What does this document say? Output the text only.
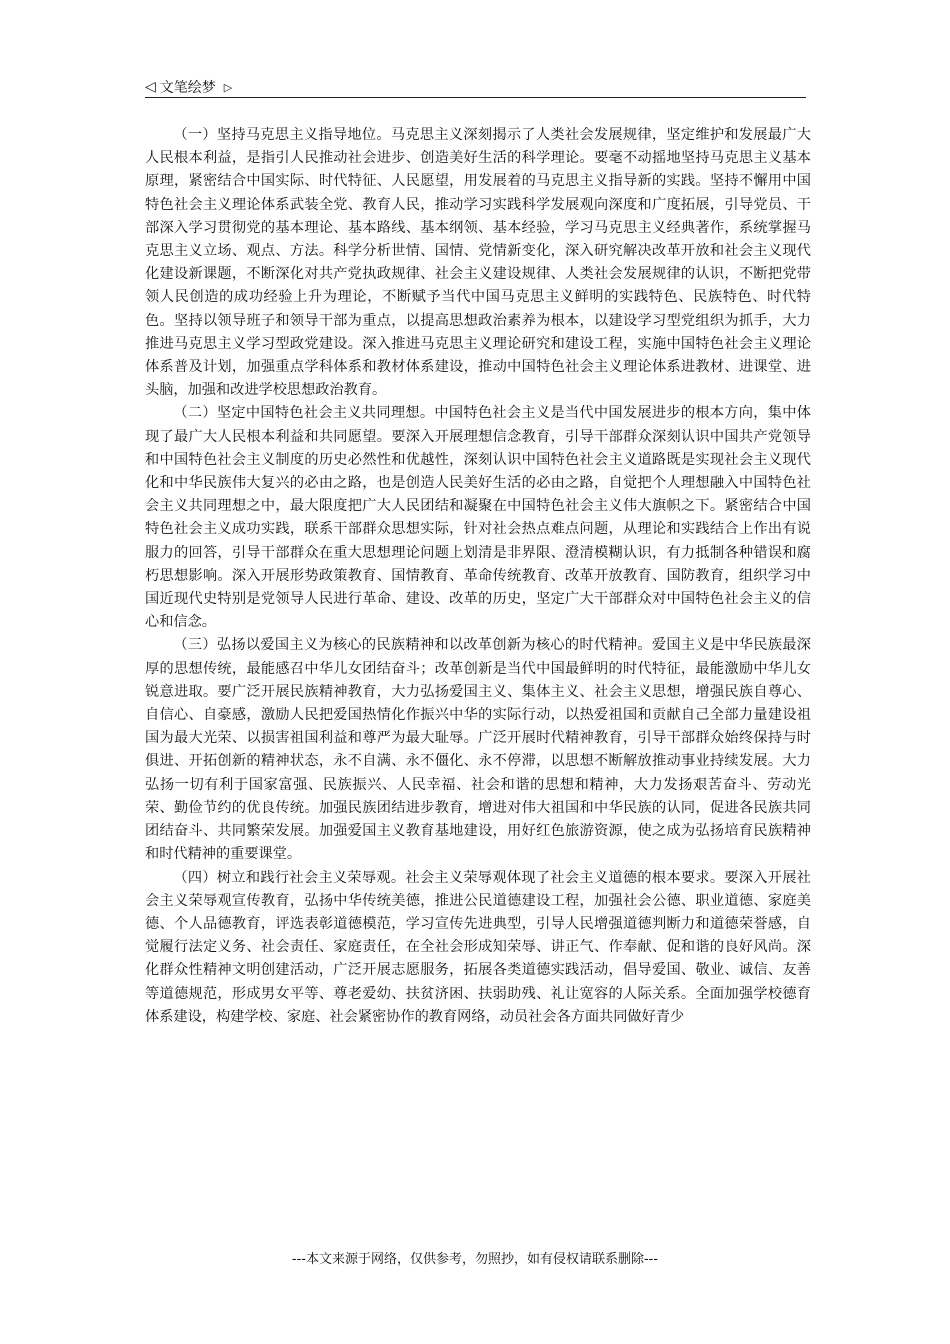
◁ 文笔绘梦 ▷

（一）坚持马克思主义指导地位。马克思主义深刻揭示了人类社会发展规律，坚定维护和发展最广大人民根本利益，是指引人民推动社会进步、创造美好生活的科学理论。要毫不动摇地坚持马克思主义基本原理，紧密结合中国实际、时代特征、人民愿望，用发展着的马克思主义指导新的实践。坚持不懈用中国特色社会主义理论体系武装全党、教育人民，推动学习实践科学发展观向深度和广度拓展，引导党员、干部深入学习贯彻党的基本理论、基本路线、基本纲领、基本经验，学习马克思主义经典著作，系统掌握马克思主义立场、观点、方法。科学分析世情、国情、党情新变化，深入研究解决改革开放和社会主义现代化建设新课题，不断深化对共产党执政规律、社会主义建设规律、人类社会发展规律的认识，不断把党带领人民创造的成功经验上升为理论，不断赋予当代中国马克思主义鲜明的实践特色、民族特色、时代特色。坚持以领导班子和领导干部为重点，以提高思想政治素养为根本，以建设学习型党组织为抓手，大力推进马克思主义学习型政党建设。深入推进马克思主义理论研究和建设工程，实施中国特色社会主义理论体系普及计划，加强重点学科体系和教材体系建设，推动中国特色社会主义理论体系进教材、进课堂、进头脑，加强和改进学校思想政治教育。

（二）坚定中国特色社会主义共同理想。中国特色社会主义是当代中国发展进步的根本方向，集中体现了最广大人民根本利益和共同愿望。要深入开展理想信念教育，引导干部群众深刻认识中国共产党领导和中国特色社会主义制度的历史必然性和优越性，深刻认识中国特色社会主义道路既是实现社会主义现代化和中华民族伟大复兴的必由之路，也是创造人民美好生活的必由之路，自觉把个人理想融入中国特色社会主义共同理想之中，最大限度把广大人民团结和凝聚在中国特色社会主义伟大旗帜之下。紧密结合中国特色社会主义成功实践，联系干部群众思想实际，针对社会热点难点问题，从理论和实践结合上作出有说服力的回答，引导干部群众在重大思想理论问题上划清是非界限、澄清模糊认识，有力抵制各种错误和腐朽思想影响。深入开展形势政策教育、国情教育、革命传统教育、改革开放教育、国防教育，组织学习中国近现代史特别是党领导人民进行革命、建设、改革的历史，坚定广大干部群众对中国特色社会主义的信心和信念。

（三）弘扬以爱国主义为核心的民族精神和以改革创新为核心的时代精神。爱国主义是中华民族最深厚的思想传统，最能感召中华儿女团结奋斗；改革创新是当代中国最鲜明的时代特征，最能激励中华儿女锐意进取。要广泛开展民族精神教育，大力弘扬爱国主义、集体主义、社会主义思想，增强民族自尊心、自信心、自豪感，激励人民把爱国热情化作振兴中华的实际行动，以热爱祖国和贡献自己全部力量建设祖国为最大光荣、以损害祖国利益和尊严为最大耻辱。广泛开展时代精神教育，引导干部群众始终保持与时俱进、开拓创新的精神状态，永不自满、永不僵化、永不停滞，以思想不断解放推动事业持续发展。大力弘扬一切有利于国家富强、民族振兴、人民幸福、社会和谐的思想和精神，大力发扬艰苦奋斗、劳动光荣、勤俭节约的优良传统。加强民族团结进步教育，增进对伟大祖国和中华民族的认同，促进各民族共同团结奋斗、共同繁荣发展。加强爱国主义教育基地建设，用好红色旅游资源，使之成为弘扬培育民族精神和时代精神的重要课堂。

（四）树立和践行社会主义荣辱观。社会主义荣辱观体现了社会主义道德的根本要求。要深入开展社会主义荣辱观宣传教育，弘扬中华传统美德，推进公民道德建设工程，加强社会公德、职业道德、家庭美德、个人品德教育，评选表彰道德模范，学习宣传先进典型，引导人民增强道德判断力和道德荣誉感，自觉履行法定义务、社会责任、家庭责任，在全社会形成知荣辱、讲正气、作奉献、促和谐的良好风尚。深化群众性精神文明创建活动，广泛开展志愿服务，拓展各类道德实践活动，倡导爱国、敬业、诚信、友善等道德规范，形成男女平等、尊老爱幼、扶贫济困、扶弱助残、礼让宽容的人际关系。全面加强学校德育体系建设，构建学校、家庭、社会紧密协作的教育网络，动员社会各方面共同做好青少

---本文来源于网络，仅供参考，勿照抄，如有侵权请联系删除---
